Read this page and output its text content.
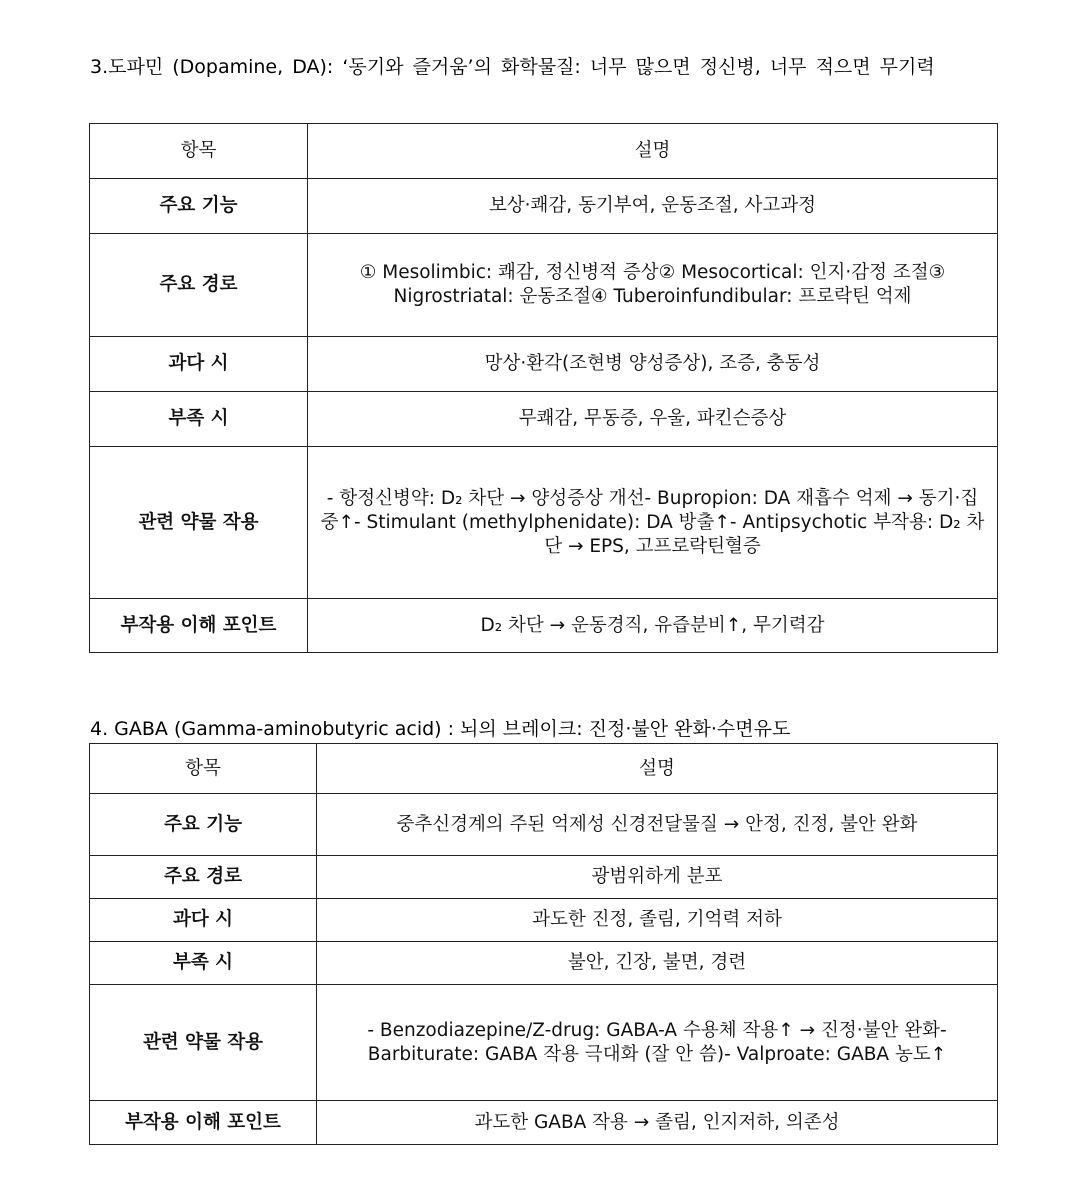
3.도파민 (Dopamine, DA): ‘동기와 즐거움’의 화학물질: 너무 많으면 정신병, 너무 적으면 무기력
항목	설명
주요 기능	보상·쾌감, 동기부여, 운동조절, 사고과정
주요 경로	① Mesolimbic: 쾌감, 정신병적 증상② Mesocortical: 인지·감정 조절③ Nigrostriatal: 운동조절④ Tuberoinfundibular: 프로락틴 억제
과다 시	망상·환각(조현병 양성증상), 조증, 충동성
부족 시	무쾌감, 무동증, 우울, 파킨슨증상
관련 약물 작용	- 항정신병약: D₂ 차단 → 양성증상 개선- Bupropion: DA 재흡수 억제 → 동기·집중↑- Stimulant (methylphenidate): DA 방출↑- Antipsychotic 부작용: D₂ 차단 → EPS, 고프로락틴혈증
부작용 이해 포인트	D₂ 차단 → 운동경직, 유즙분비↑, 무기력감
4. GABA (Gamma-aminobutyric acid) : 뇌의 브레이크: 진정·불안 완화·수면유도
항목	설명
주요 기능	중추신경계의 주된 억제성 신경전달물질 → 안정, 진정, 불안 완화
주요 경로	광범위하게 분포
과다 시	과도한 진정, 졸림, 기억력 저하
부족 시	불안, 긴장, 불면, 경련
관련 약물 작용	- Benzodiazepine/Z-drug: GABA-A 수용체 작용↑ → 진정·불안 완화- Barbiturate: GABA 작용 극대화 (잘 안 씀)- Valproate: GABA 농도↑
부작용 이해 포인트	과도한 GABA 작용 → 졸림, 인지저하, 의존성
